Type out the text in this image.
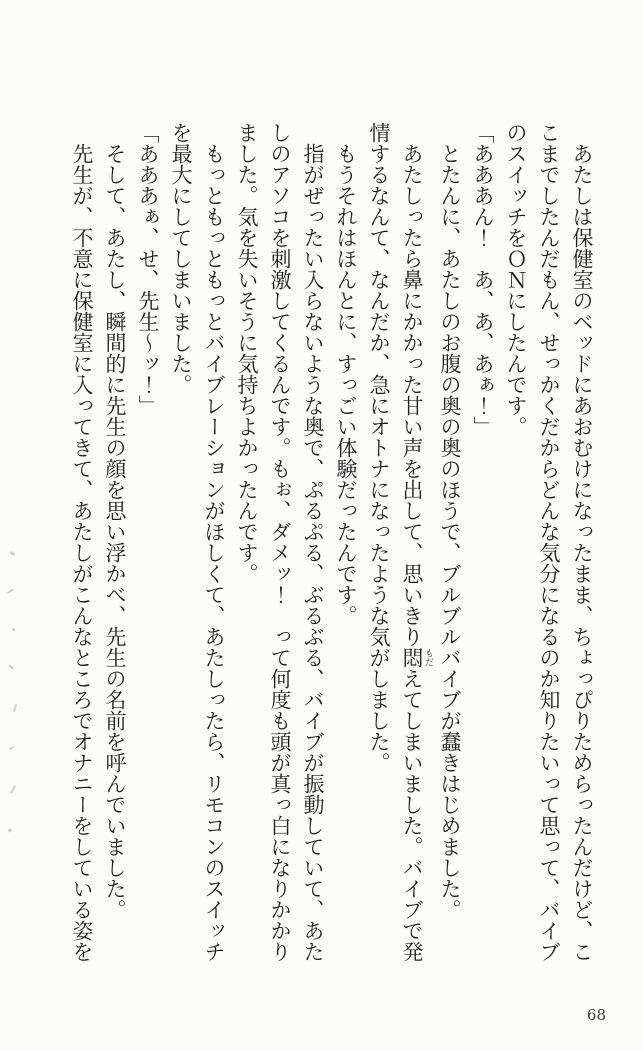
あたしは保健室のベッドにあおむけになったまま、ちょっぴりためらったんだけど、ここまでしたんだもん、せっかくだからどんな気分になるのか知りたいって思って、バイブのスイッチをＯＮにしたんです。

「あああん！　あ、あ、あぁ！」

とたんに、あたしのお腹の奥の奥のほうで、ブルブルバイブが蠢きはじめました。

あたしったら鼻にかかった甘い声を出して、思いきり悶 もだえてしまいました。バイブで発情するなんて、なんだか、急にオトナになったような気がしました。

もうそれはほんとに、すっごい体験だったんです。

指がぜったい入らないような奥で、ぷるぷる、ぶるぶる、バイブが振動していて、あたしのアソコを刺激してくるんです。もぉ、ダメッ！　って何度も頭が真っ白になりかかりました。気を失いそうに気持ちよかったんです。

もっともっともっとバイブレーションがほしくて、あたしったら、リモコンのスイッチを最大にしてしまいました。

「あああぁ、せ、先生～ッ！」

そして、あたし、瞬間的に先生の顔を思い浮かべ、先生の名前を呼んでいました。

先生が、不意に保健室に入ってきて、あたしがこんなところでオナニーをしている姿を

68
